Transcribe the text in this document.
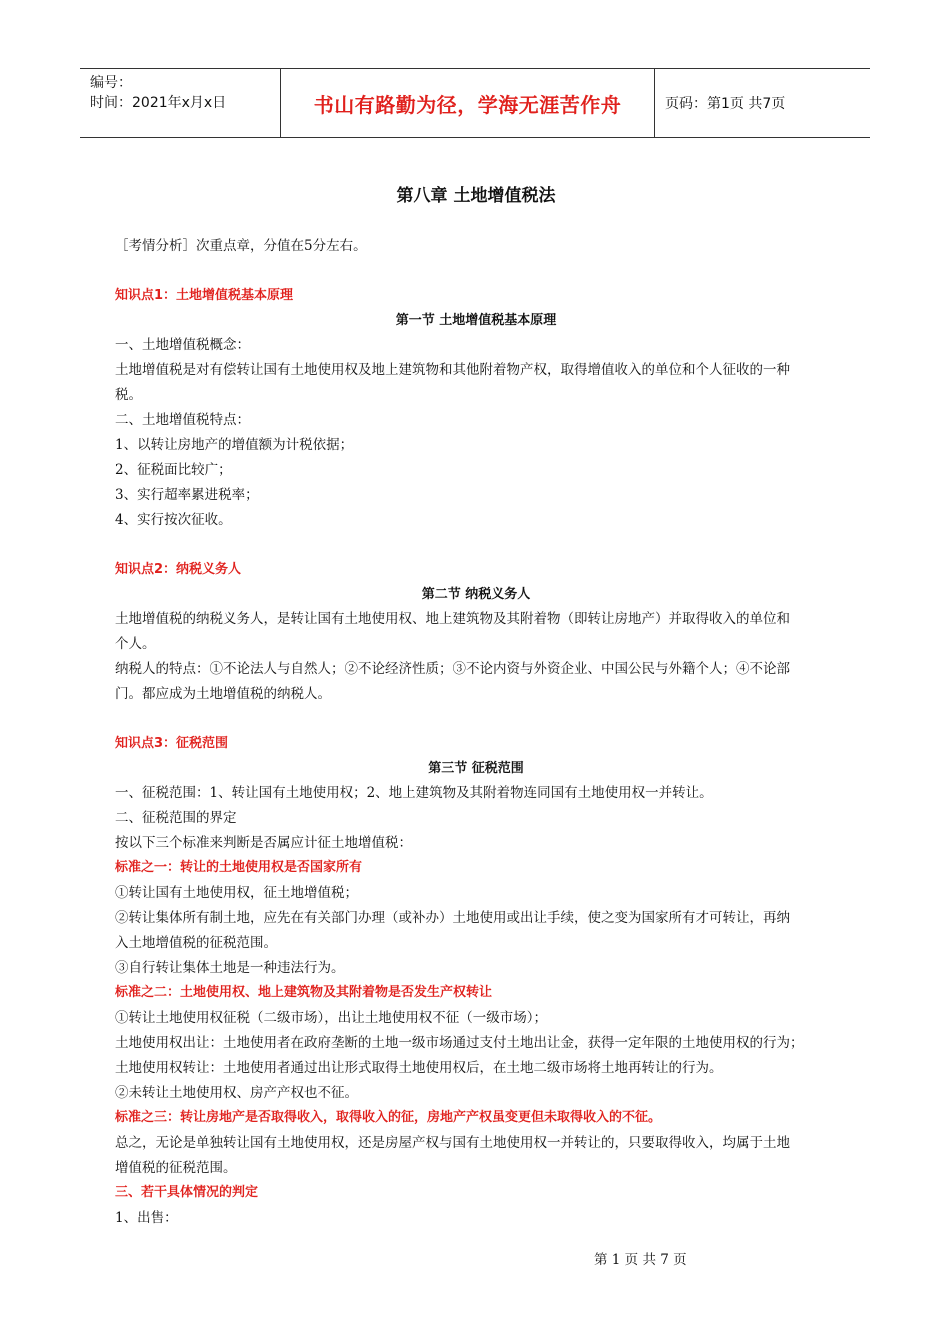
编号：
时间：2021年x月x日	书山有路勤为径，学海无涯苦作舟	页码：第1页 共7页
第八章 土地增值税法
［考情分析］次重点章，分值在5分左右。
知识点1：土地增值税基本原理
第一节 土地增值税基本原理
一、土地增值税概念：
土地增值税是对有偿转让国有土地使用权及地上建筑物和其他附着物产权，取得增值收入的单位和个人征收的一种
税。
二、土地增值税特点：
1、以转让房地产的增值额为计税依据；
2、征税面比较广；
3、实行超率累进税率；
4、实行按次征收。
知识点2：纳税义务人
第二节 纳税义务人
土地增值税的纳税义务人，是转让国有土地使用权、地上建筑物及其附着物（即转让房地产）并取得收入的单位和
个人。
纳税人的特点：①不论法人与自然人；②不论经济性质；③不论内资与外资企业、中国公民与外籍个人；④不论部
门。都应成为土地增值税的纳税人。
知识点3：征税范围
第三节 征税范围
一、征税范围：1、转让国有土地使用权；2、地上建筑物及其附着物连同国有土地使用权一并转让。
二、征税范围的界定
按以下三个标准来判断是否属应计征土地增值税：
标准之一：转让的土地使用权是否国家所有
①转让国有土地使用权，征土地增值税；
②转让集体所有制土地，应先在有关部门办理（或补办）土地使用或出让手续，使之变为国家所有才可转让，再纳
入土地增值税的征税范围。
③自行转让集体土地是一种违法行为。
标准之二：土地使用权、地上建筑物及其附着物是否发生产权转让
①转让土地使用权征税（二级市场），出让土地使用权不征（一级市场）；
土地使用权出让：土地使用者在政府垄断的土地一级市场通过支付土地出让金，获得一定年限的土地使用权的行为；
土地使用权转让：土地使用者通过出让形式取得土地使用权后，在土地二级市场将土地再转让的行为。
②未转让土地使用权、房产产权也不征。
标准之三：转让房地产是否取得收入，取得收入的征，房地产产权虽变更但未取得收入的不征。
总之，无论是单独转让国有土地使用权，还是房屋产权与国有土地使用权一并转让的，只要取得收入，均属于土地
增值税的征税范围。
三、若干具体情况的判定
1、出售：
第 1 页 共 7 页
